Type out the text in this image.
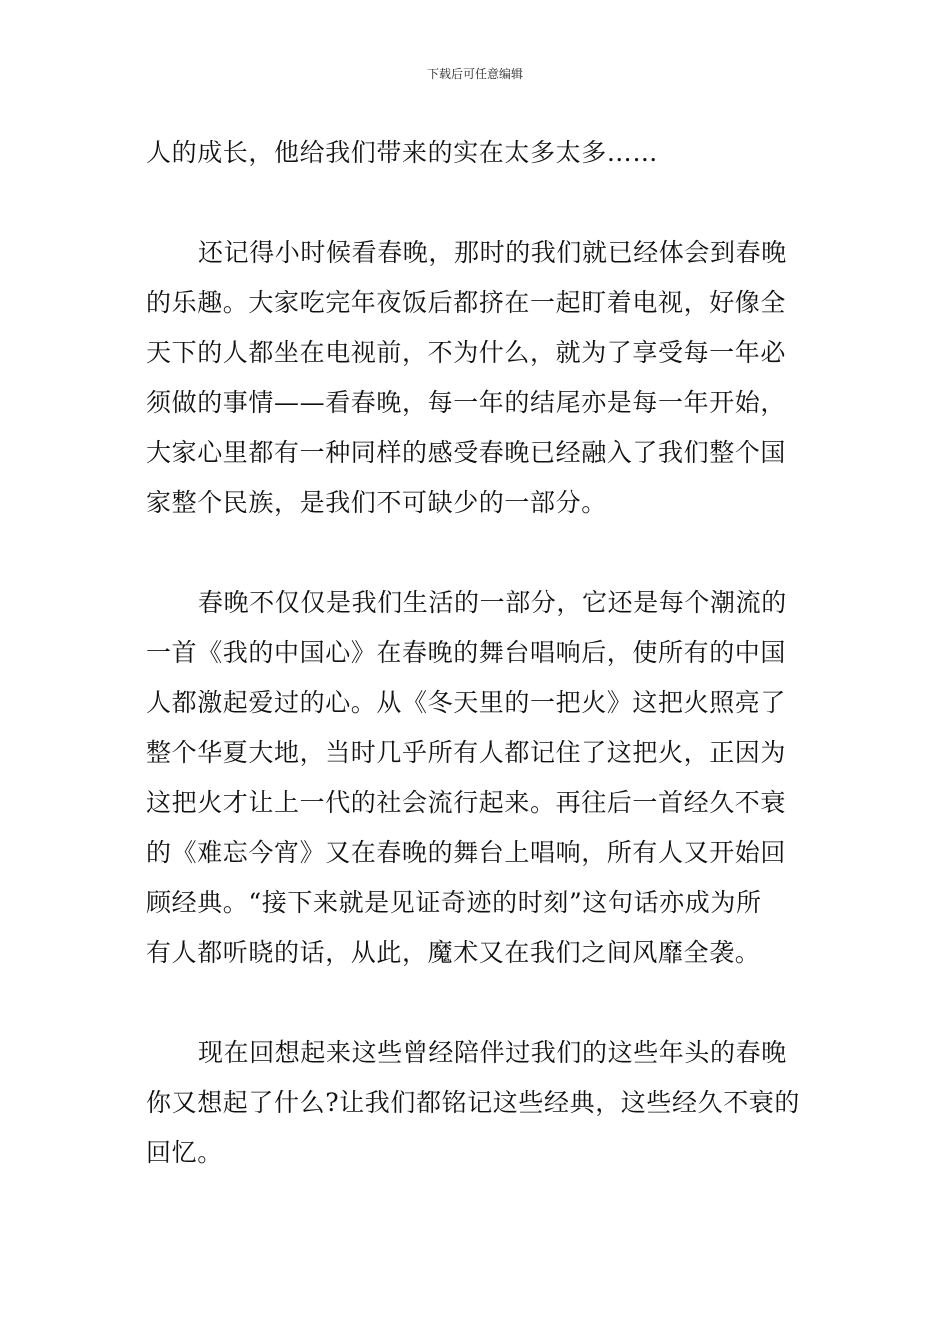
下载后可任意编辑
人的成长，他给我们带来的实在太多太多……
还记得小时候看春晚，那时的我们就已经体会到春晚
的乐趣。大家吃完年夜饭后都挤在一起盯着电视，好像全
天下的人都坐在电视前，不为什么，就为了享受每一年必
须做的事情——看春晚，每一年的结尾亦是每一年开始，
大家心里都有一种同样的感受春晚已经融入了我们整个国
家整个民族，是我们不可缺少的一部分。
春晚不仅仅是我们生活的一部分，它还是每个潮流的
一首《我的中国心》在春晚的舞台唱响后，使所有的中国
人都激起爱过的心。从《冬天里的一把火》这把火照亮了
整个华夏大地，当时几乎所有人都记住了这把火，正因为
这把火才让上一代的社会流行起来。再往后一首经久不衰
的《难忘今宵》又在春晚的舞台上唱响，所有人又开始回
顾经典。“接下来就是见证奇迹的时刻”这句话亦成为所
有人都听晓的话，从此，魔术又在我们之间风靡全袭。
现在回想起来这些曾经陪伴过我们的这些年头的春晚
你又想起了什么?让我们都铭记这些经典，这些经久不衰的
回忆。
